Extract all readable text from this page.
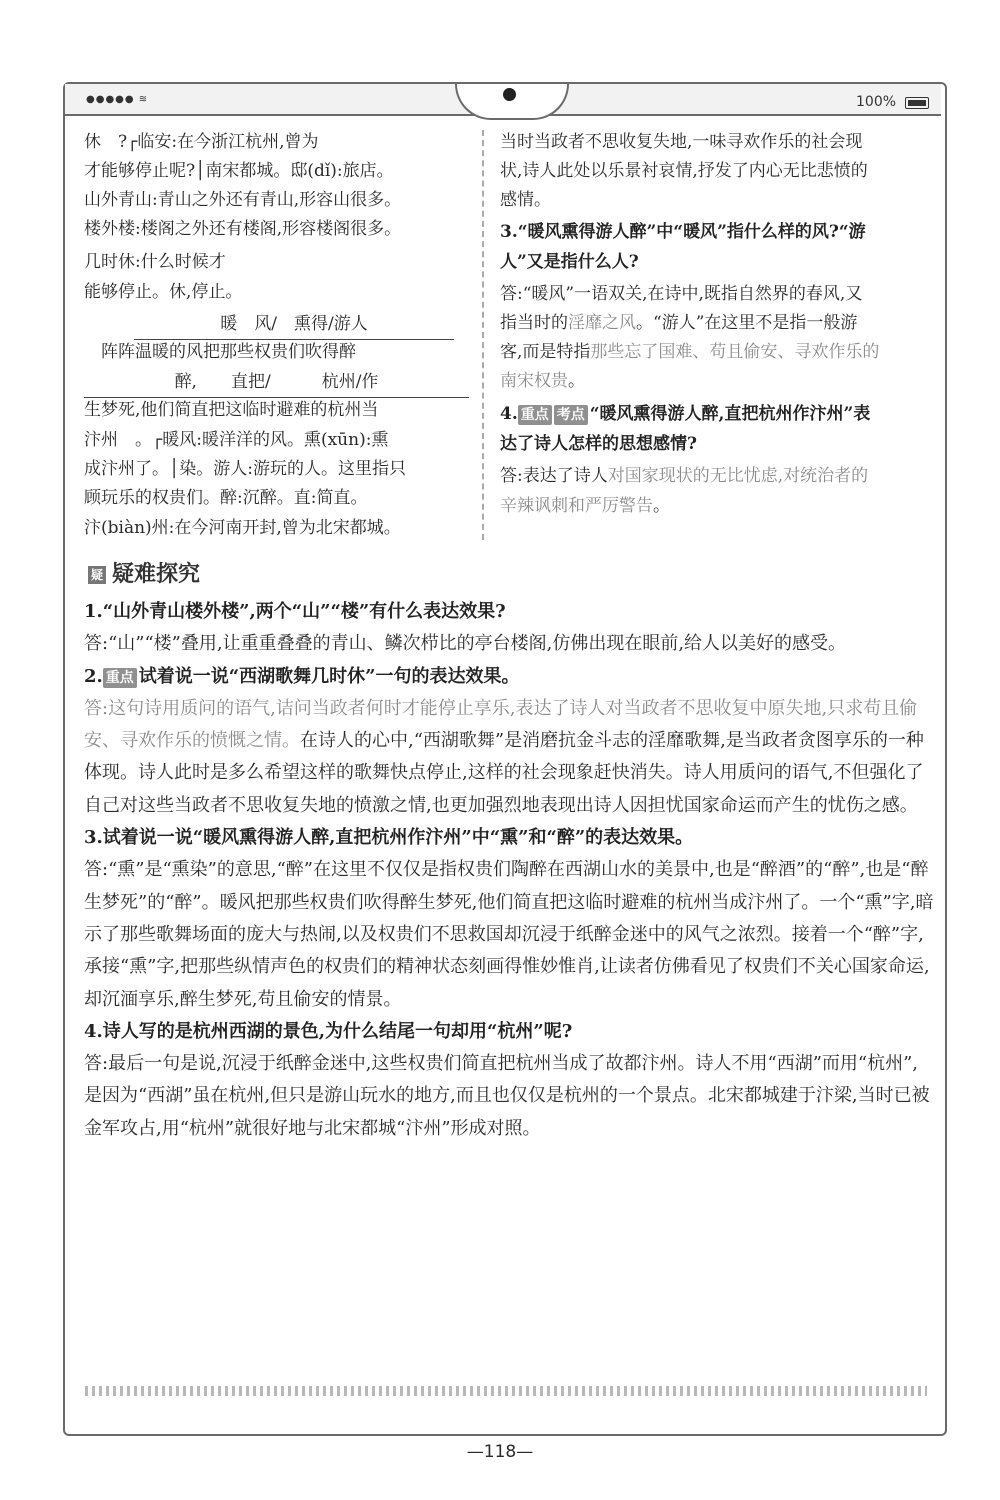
●●●●● ≋	100%
休　?┌临安:在今浙江杭州,曾为
才能够停止呢?│南宋都城。邸(dǐ):旅店。
山外青山:青山之外还有青山,形容山很多。
楼外楼:楼阁之外还有楼阁,形容楼阁很多。
几时休:什么时候才
能够停止。休,停止。
暖　风/　熏得/游人
　阵阵温暖的风把那些权贵们吹得醉
醉,　　直把/　　　杭州/作
生梦死,他们简直把这临时避难的杭州当
汴州　。┌暖风:暖洋洋的风。熏(xūn):熏
成汴州了。│染。游人:游玩的人。这里指只
顾玩乐的权贵们。醉:沉醉。直:简直。
汴(biàn)州:在今河南开封,曾为北宋都城。
当时当政者不思收复失地,一味寻欢作乐的社会现
状,诗人此处以乐景衬哀情,抒发了内心无比悲愤的
感情。
3.“暖风熏得游人醉”中“暖风”指什么样的风?“游
人”又是指什么人?
答:“暖风”一语双关,在诗中,既指自然界的春风,又
指当时的淫靡之风。“游人”在这里不是指一般游
客,而是特指那些忘了国难、苟且偷安、寻欢作乐的
南宋权贵。
4. 重点 考点 “暖风熏得游人醉,直把杭州作汴州”表
达了诗人怎样的思想感情?
答:表达了诗人对国家现状的无比忧虑,对统治者的
辛辣讽刺和严厉警告。
疑 疑难探究

1.“山外青山楼外楼”,两个“山”“楼”有什么表达效果?

答:“山”“楼”叠用,让重重叠叠的青山、鳞次栉比的亭台楼阁,仿佛出现在眼前,给人以美好的感受。

2. 重点 试着说一说“西湖歌舞几时休”一句的表达效果。

答:这句诗用质问的语气,诘问当政者何时才能停止享乐,表达了诗人对当政者不思收复中原失地,只求苟且偷安、寻欢作乐的愤慨之情。在诗人的心中,“西湖歌舞”是消磨抗金斗志的淫靡歌舞,是当政者贪图享乐的一种体现。诗人此时是多么希望这样的歌舞快点停止,这样的社会现象赶快消失。诗人用质问的语气,不但强化了自己对这些当政者不思收复失地的愤激之情,也更加强烈地表现出诗人因担忧国家命运而产生的忧伤之感。

3.试着说一说“暖风熏得游人醉,直把杭州作汴州”中“熏”和“醉”的表达效果。

答:“熏”是“熏染”的意思,“醉”在这里不仅仅是指权贵们陶醉在西湖山水的美景中,也是“醉酒”的“醉”,也是“醉生梦死”的“醉”。暖风把那些权贵们吹得醉生梦死,他们简直把这临时避难的杭州当成汴州了。一个“熏”字,暗示了那些歌舞场面的庞大与热闹,以及权贵们不思救国却沉浸于纸醉金迷中的风气之浓烈。接着一个“醉”字,承接“熏”字,把那些纵情声色的权贵们的精神状态刻画得惟妙惟肖,让读者仿佛看见了权贵们不关心国家命运,却沉湎享乐,醉生梦死,苟且偷安的情景。

4.诗人写的是杭州西湖的景色,为什么结尾一句却用“杭州”呢?

答:最后一句是说,沉浸于纸醉金迷中,这些权贵们简直把杭州当成了故都汴州。诗人不用“西湖”而用“杭州”,是因为“西湖”虽在杭州,但只是游山玩水的地方,而且也仅仅是杭州的一个景点。北宋都城建于汴梁,当时已被金军攻占,用“杭州”就很好地与北宋都城“汴州”形成对照。

—118—
